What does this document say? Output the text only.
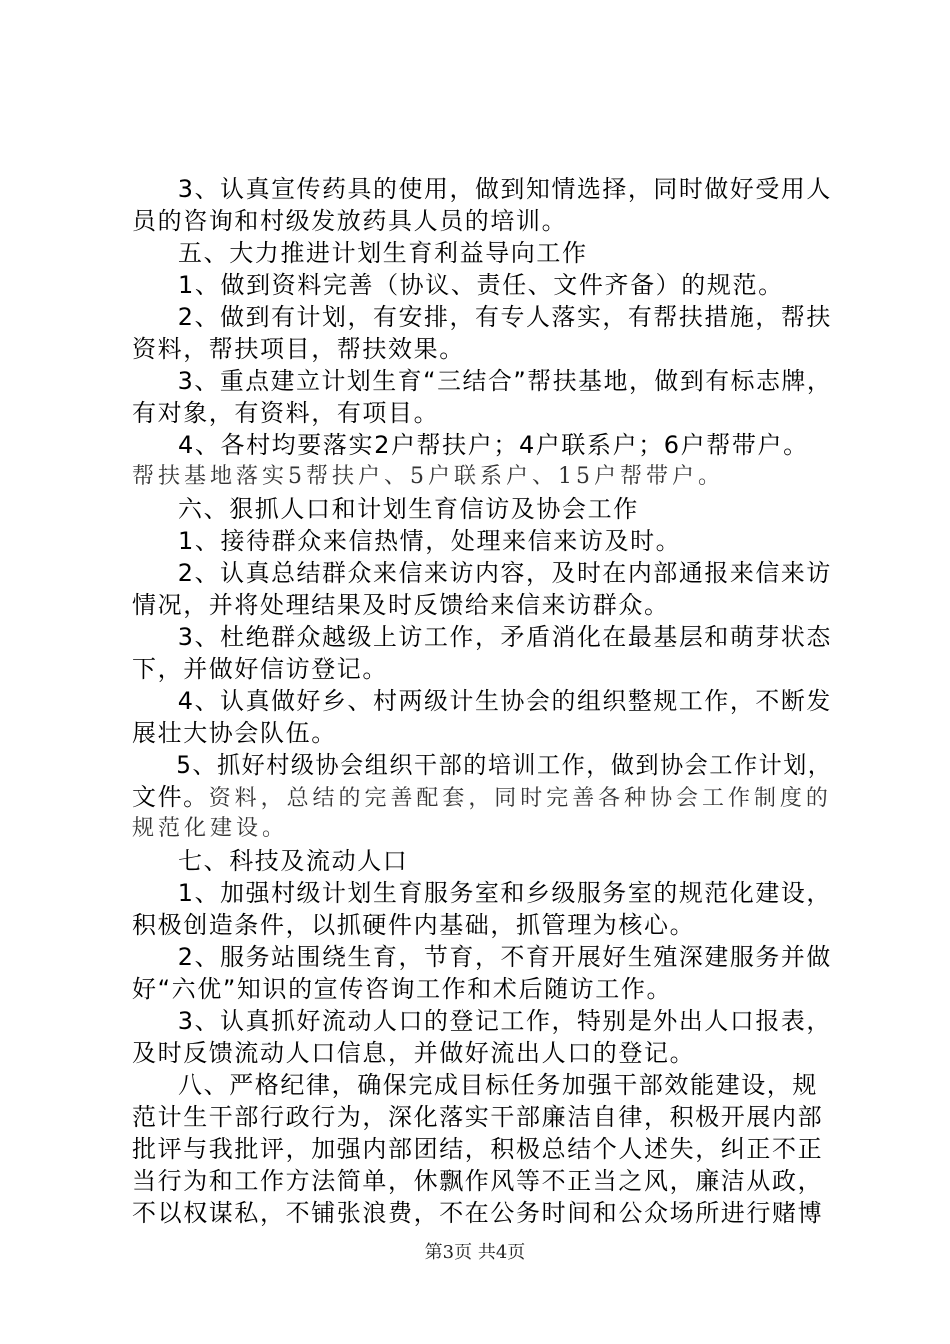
3、认真宣传药具的使用，做到知情选择，同时做好受用人
员的咨询和村级发放药具人员的培训。
五、大力推进计划生育利益导向工作
1、做到资料完善（协议、责任、文件齐备）的规范。
2、做到有计划，有安排，有专人落实，有帮扶措施，帮扶
资料，帮扶项目，帮扶效果。
3、重点建立计划生育“三结合”帮扶基地，做到有标志牌，
有对象，有资料，有项目。
4、各村均要落实2户帮扶户；4户联系户；6户帮带户。
帮扶基地落实5帮扶户、5户联系户、15户帮带户。
六、狠抓人口和计划生育信访及协会工作
1、接待群众来信热情，处理来信来访及时。
2、认真总结群众来信来访内容，及时在内部通报来信来访
情况，并将处理结果及时反馈给来信来访群众。
3、杜绝群众越级上访工作，矛盾消化在最基层和萌芽状态
下，并做好信访登记。
4、认真做好乡、村两级计生协会的组织整规工作，不断发
展壮大协会队伍。
5、抓好村级协会组织干部的培训工作，做到协会工作计划，
文件。资料，总结的完善配套，同时完善各种协会工作制度的
规范化建设。
七、科技及流动人口
1、加强村级计划生育服务室和乡级服务室的规范化建设，
积极创造条件，以抓硬件内基础，抓管理为核心。
2、服务站围绕生育，节育，不育开展好生殖深建服务并做
好“六优”知识的宣传咨询工作和术后随访工作。
3、认真抓好流动人口的登记工作，特别是外出人口报表，
及时反馈流动人口信息，并做好流出人口的登记。
八、严格纪律，确保完成目标任务加强干部效能建设，规
范计生干部行政行为，深化落实干部廉洁自律，积极开展内部
批评与我批评，加强内部团结，积极总结个人述失，纠正不正
当行为和工作方法简单，休飘作风等不正当之风，廉洁从政，
不以权谋私，不铺张浪费，不在公务时间和公众场所进行赌博
第3页 共4页
